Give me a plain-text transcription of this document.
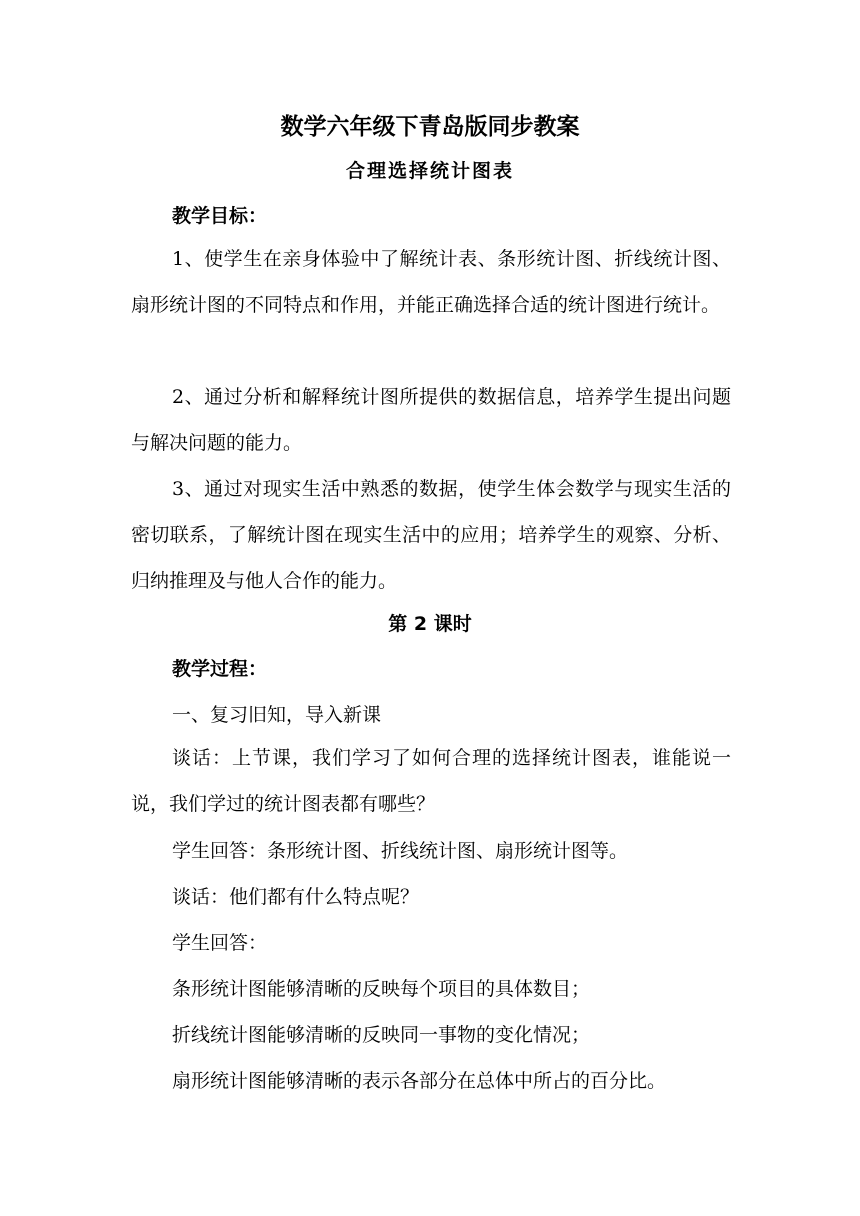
数学六年级下青岛版同步教案
合理选择统计图表
教学目标：

1、使学生在亲身体验中了解统计表、条形统计图、折线统计图、扇形统计图的不同特点和作用，并能正确选择合适的统计图进行统计。

2、通过分析和解释统计图所提供的数据信息，培养学生提出问题与解决问题的能力。

3、通过对现实生活中熟悉的数据，使学生体会数学与现实生活的密切联系，了解统计图在现实生活中的应用；培养学生的观察、分析、归纳推理及与他人合作的能力。

第 2 课时
教学过程：

一、复习旧知，导入新课

谈话：上节课，我们学习了如何合理的选择统计图表，谁能说一说，我们学过的统计图表都有哪些？

学生回答：条形统计图、折线统计图、扇形统计图等。

谈话：他们都有什么特点呢？

学生回答：

条形统计图能够清晰的反映每个项目的具体数目；

折线统计图能够清晰的反映同一事物的变化情况；

扇形统计图能够清晰的表示各部分在总体中所占的百分比。
